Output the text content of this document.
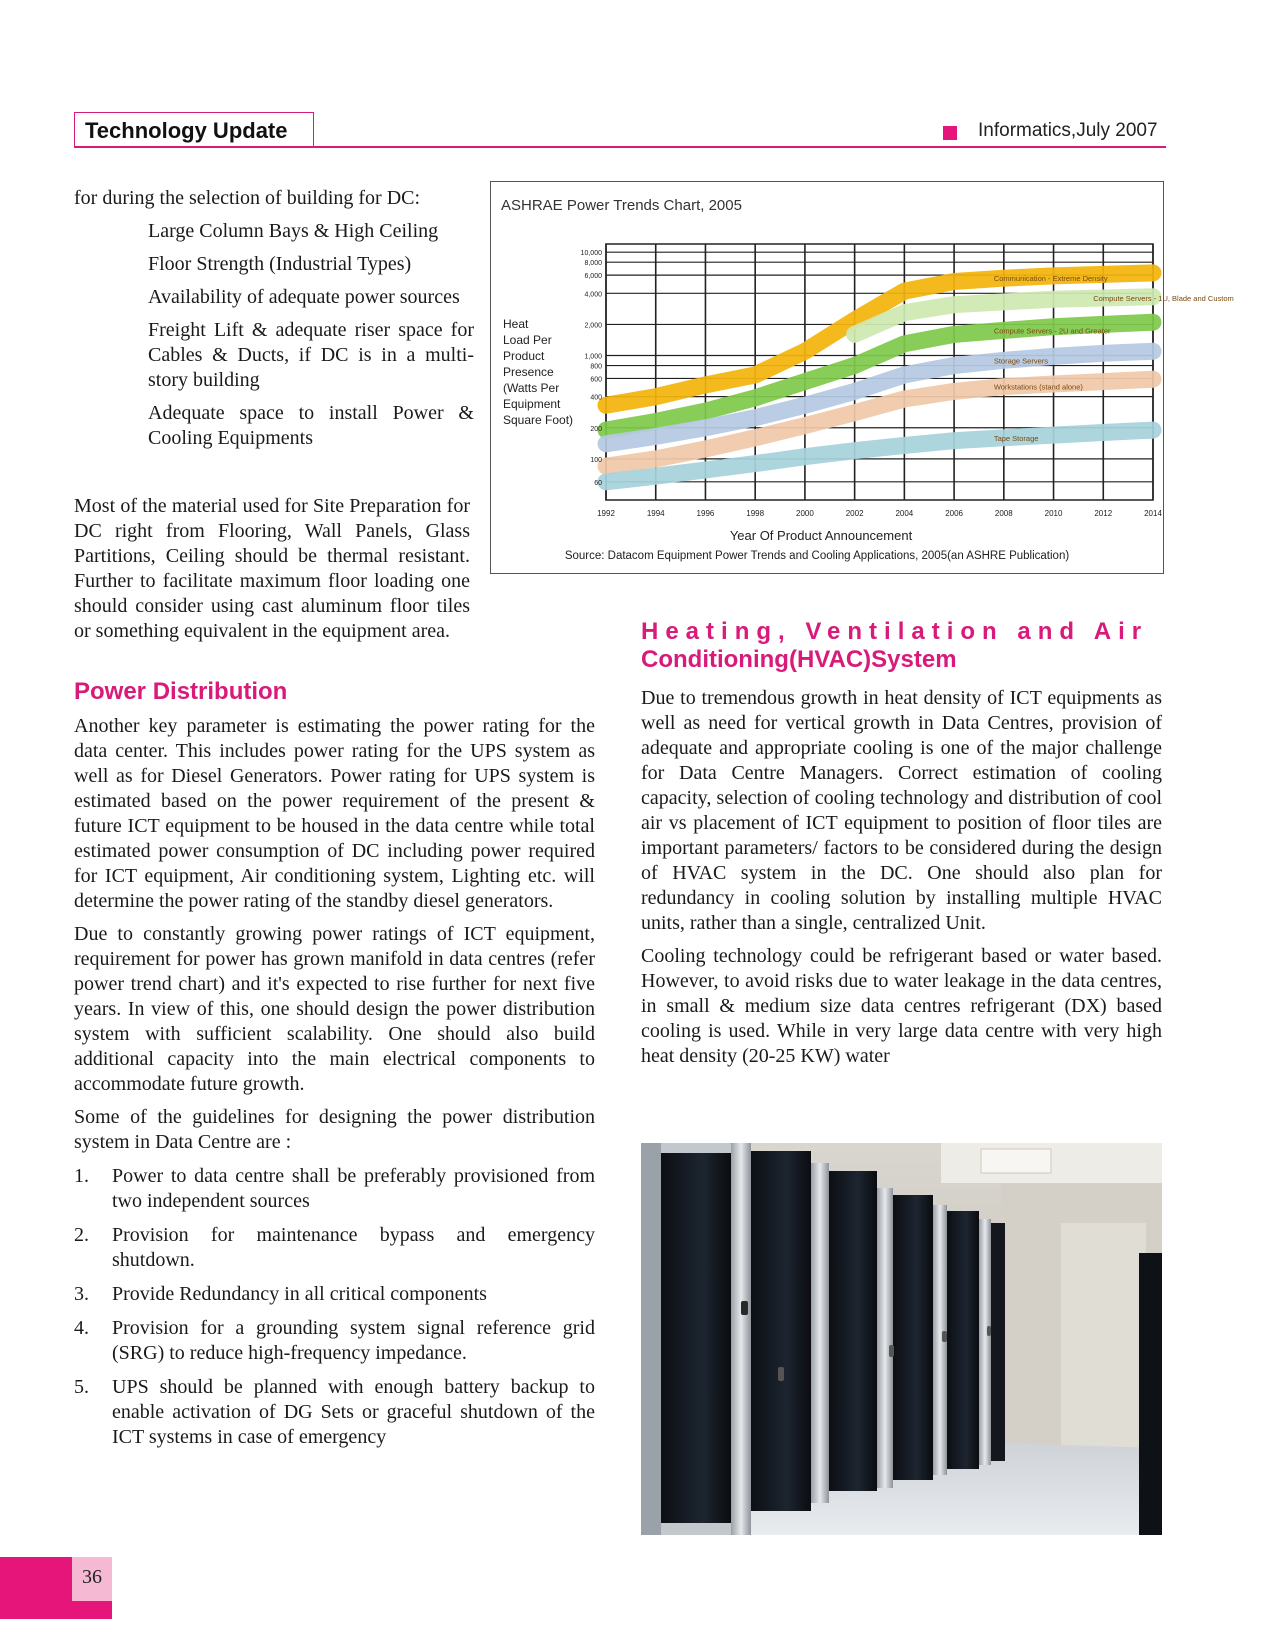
Technology Update	Informatics,July 2007

for during the selection of building for DC:

Large Column Bays & High Ceiling

Floor Strength (Industrial Types)

Availability of adequate power sources

Freight Lift & adequate riser space for Cables & Ducts, if DC is in a multi-story building

Adequate space to install Power & Cooling Equipments

Most of the material used for Site Preparation for DC right from Flooring, Wall Panels, Glass Partitions, Ceiling should be thermal resistant. Further to facilitate maximum floor loading one should consider using cast aluminum floor tiles or something equivalent in the equipment area.

Power Distribution

Another key parameter is estimating the power rating for the data center. This includes power rating for the UPS system as well as for Diesel Generators. Power rating for UPS system is estimated based on the power requirement of the present & future ICT equipment to be housed in the data centre while total estimated power consumption of DC including power required for ICT equipment, Air conditioning system, Lighting etc. will determine the power rating of the standby diesel generators.

Due to constantly growing power ratings of ICT equipment, requirement for power has grown manifold in data centres (refer power trend chart) and it's expected to rise further for next five years. In view of this, one should design the power distribution system with sufficient scalability. One should also build additional capacity into the main electrical components to accommodate future growth.

Some of the guidelines for designing the power distribution system in Data Centre are :

1. Power to data centre shall be preferably provisioned from two independent sources
2. Provision for maintenance bypass and emergency shutdown.
3. Provide Redundancy in all critical components
4. Provision for a grounding system signal reference grid (SRG) to reduce high-frequency impedance.
5. UPS should be planned with enough battery backup to enable activation of DG Sets or graceful shutdown of the ICT systems in case of emergency
Heating, Ventilation and Air
Conditioning(HVAC)System

Due to tremendous growth in heat density of ICT equipments as well as need for vertical growth in Data Centres, provision of adequate and appropriate cooling is one of the major challenge for Data Centre Managers. Correct estimation of cooling capacity, selection of cooling technology and distribution of cool air vs placement of ICT equipment to position of floor tiles are important parameters/ factors to be considered during the design of HVAC system in the DC. One should also plan for redundancy in cooling solution by installing multiple HVAC units, rather than a single, centralized Unit.

Cooling technology could be refrigerant based or water based. However, to avoid risks due to water leakage in the data centres, in small & medium size data centres refrigerant (DX) based cooling is used. While in very large data centre with very high heat density (20-25 KW) water

ASHRAE Power Trends Chart, 2005
Heat
Load Per
Product
Presence
(Watts Per
Equipment
Square Foot)
Communication - Extreme Density
Compute Servers - 1U, Blade and Custom
Compute Servers - 2U and Greater
Storage Servers
Workstations (stand alone)
Tape Storage
1992	1994	1996	1998	2000	2002	2004	2006	2008	2010	2012	2014
10,000
8,000
6,000
4,000
2,000
1,000
800
600
400
200
100
60
Year Of Product Announcement
Source: Datacom Equipment Power Trends and Cooling Applications, 2005(an ASHRE Publication)
36
